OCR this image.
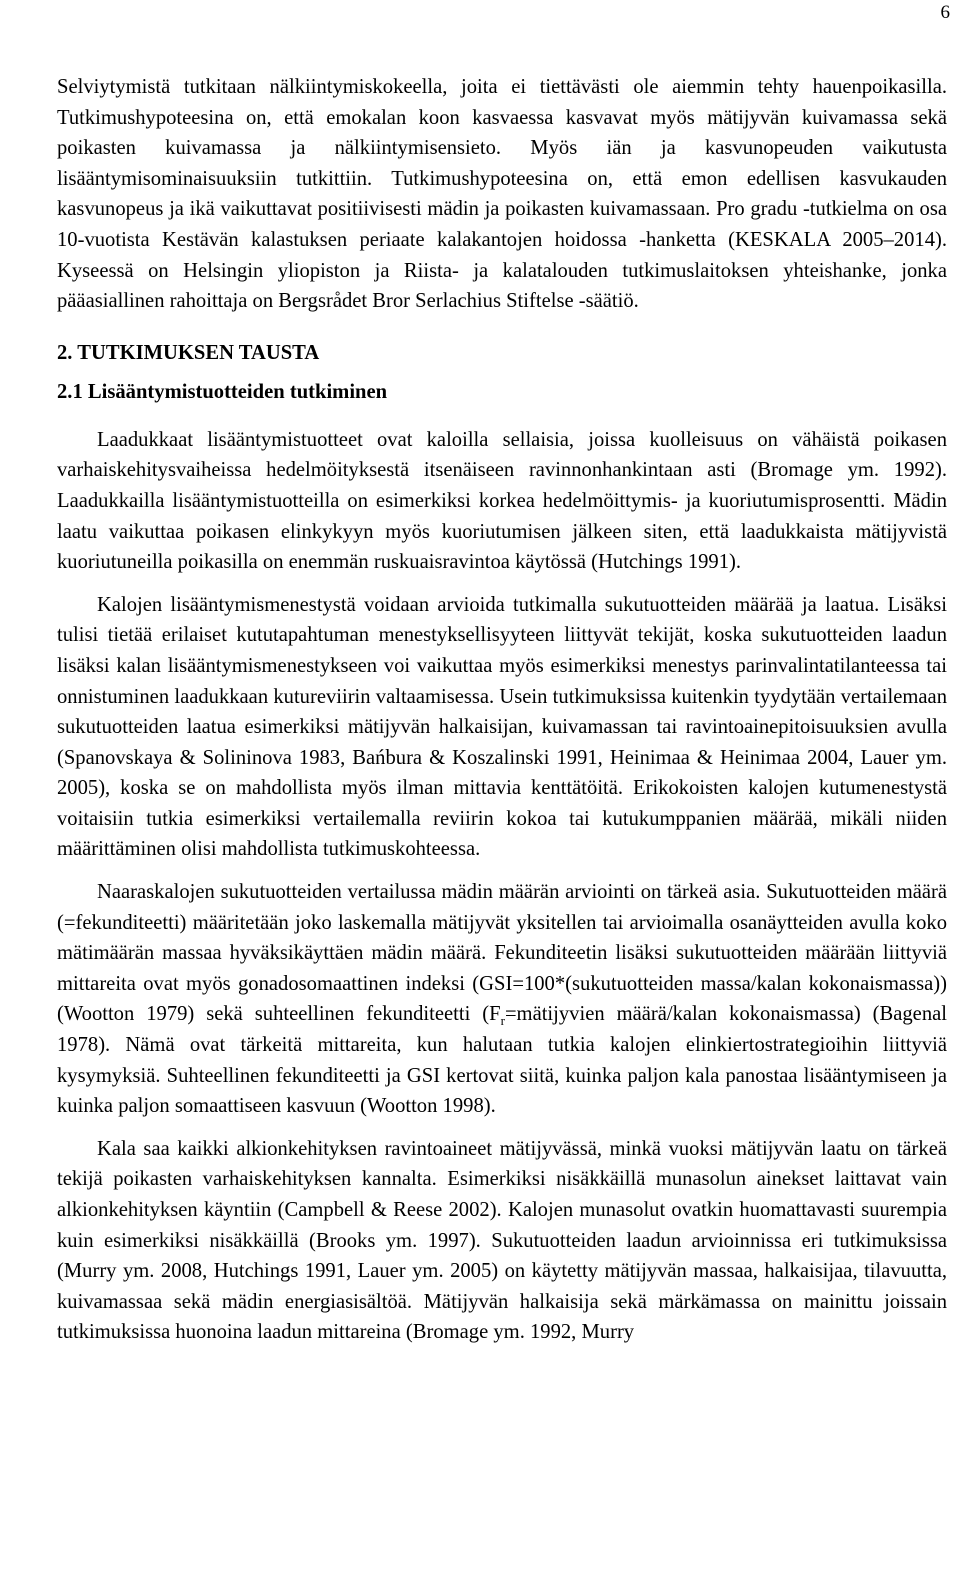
6

Selviytymistä tutkitaan nälkiintymiskokeella, joita ei tiettävästi ole aiemmin tehty hauenpoikasilla. Tutkimushypoteesina on, että emokalan koon kasvaessa kasvavat myös mätijyvän kuivamassa sekä poikasten kuivamassa ja nälkiintymisensieto. Myös iän ja kasvunopeuden vaikutusta lisääntymisominaisuuksiin tutkittiin. Tutkimushypoteesina on, että emon edellisen kasvukauden kasvunopeus ja ikä vaikuttavat positiivisesti mädin ja poikasten kuivamassaan. Pro gradu -tutkielma on osa 10-vuotista Kestävän kalastuksen periaate kalakantojen hoidossa -hanketta (KESKALA 2005–2014). Kyseessä on Helsingin yliopiston ja Riista- ja kalatalouden tutkimuslaitoksen yhteishanke, jonka pääasiallinen rahoittaja on Bergsrådet Bror Serlachius Stiftelse -säätiö.

2. TUTKIMUKSEN TAUSTA

2.1 Lisääntymistuotteiden tutkiminen

Laadukkaat lisääntymistuotteet ovat kaloilla sellaisia, joissa kuolleisuus on vähäistä poikasen varhaiskehitysvaiheissa hedelmöityksestä itsenäiseen ravinnonhankintaan asti (Bromage ym. 1992). Laadukkailla lisääntymistuotteilla on esimerkiksi korkea hedelmöittymis- ja kuoriutumisprosentti. Mädin laatu vaikuttaa poikasen elinkykyyn myös kuoriutumisen jälkeen siten, että laadukkaista mätijyvistä kuoriutuneilla poikasilla on enemmän ruskuaisravintoa käytössä (Hutchings 1991).

Kalojen lisääntymismenestystä voidaan arvioida tutkimalla sukutuotteiden määrää ja laatua. Lisäksi tulisi tietää erilaiset kututapahtuman menestyksellisyyteen liittyvät tekijät, koska sukutuotteiden laadun lisäksi kalan lisääntymismenestykseen voi vaikuttaa myös esimerkiksi menestys parinvalintatilanteessa tai onnistuminen laadukkaan kutureviirin valtaamisessa. Usein tutkimuksissa kuitenkin tyydytään vertailemaan sukutuotteiden laatua esimerkiksi mätijyvän halkaisijan, kuivamassan tai ravintoainepitoisuuksien avulla (Spanovskaya & Solininova 1983, Bańbura & Koszalinski 1991, Heinimaa & Heinimaa 2004, Lauer ym. 2005), koska se on mahdollista myös ilman mittavia kenttätöitä. Erikokoisten kalojen kutumenestystä voitaisiin tutkia esimerkiksi vertailemalla reviirin kokoa tai kutukumppanien määrää, mikäli niiden määrittäminen olisi mahdollista tutkimuskohteessa.

Naaraskalojen sukutuotteiden vertailussa mädin määrän arviointi on tärkeä asia. Sukutuotteiden määrä (=fekunditeetti) määritetään joko laskemalla mätijyvät yksitellen tai arvioimalla osanäytteiden avulla koko mätimäärän massaa hyväksikäyttäen mädin määrä. Fekunditeetin lisäksi sukutuotteiden määrään liittyviä mittareita ovat myös gonadosomaattinen indeksi (GSI=100*(sukutuotteiden massa/kalan kokonaismassa)) (Wootton 1979) sekä suhteellinen fekunditeetti ($F_r=mätijyvien$ määrä/kalan kokonaismassa) (Bagenal 1978). Nämä ovat tärkeitä mittareita, kun halutaan tutkia kalojen elinkiertostrategioihin liittyviä kysymyksiä. Suhteellinen fekunditeetti ja GSI kertovat siitä, kuinka paljon kala panostaa lisääntymiseen ja kuinka paljon somaattiseen kasvuun (Wootton 1998).

Kala saa kaikki alkionkehityksen ravintoaineet mätijyvässä, minkä vuoksi mätijyvän laatu on tärkeä tekijä poikasten varhaiskehityksen kannalta. Esimerkiksi nisäkkäillä munasolun ainekset laittavat vain alkionkehityksen käyntiin (Campbell & Reese 2002). Kalojen munasolut ovatkin huomattavasti suurempia kuin esimerkiksi nisäkkäillä (Brooks ym. 1997). Sukutuotteiden laadun arvioinnissa eri tutkimuksissa (Murry ym. 2008, Hutchings 1991, Lauer ym. 2005) on käytetty mätijyvän massaa, halkaisijaa, tilavuutta, kuivamassaa sekä mädin energiasisältöä. Mätijyvän halkaisija sekä märkämassa on mainittu joissain tutkimuksissa huonoina laadun mittareina (Bromage ym. 1992, Murry
